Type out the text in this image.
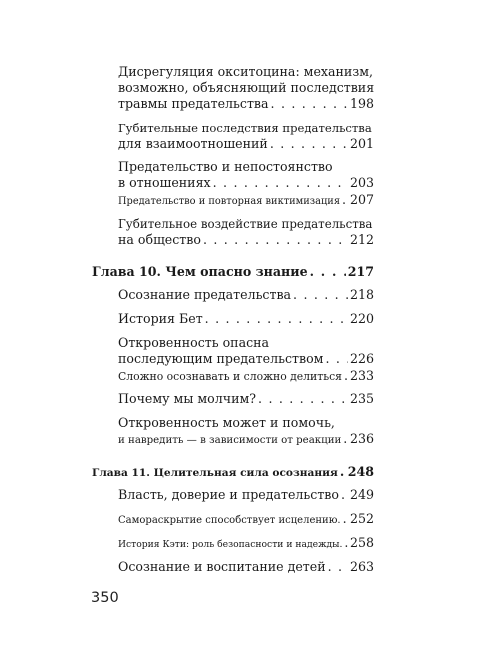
Дисрегуляция окситоцина: механизм,
возможно, объясняющий последствия
травмы предательства . . .	198
Губительные последствия предательства
для взаимоотношений . . .	201
Предательство и непостоянство
в отношениях . . .	203
Предательство и повторная виктимизация . . . 207
Губительное воздействие предательства
на общество . . .	212
Глава 10. Чем опасно знание . . .	217
Осознание предательства . . .	218
История Бет . . .	220
Откровенность опасна
последующим предательством . . . 226
Сложно осознавать и сложно делиться . . . 233
Почему мы молчим? . . .	235
Откровенность может и помочь,
и навредить — в зависимости от реакции . . . 236
Глава 11. Целительная сила осознания . . . 248
Власть, доверие и предательство . . . 249
Самораскрытие способствует исцелению. . . . 252
История Кэти: роль безопасности и надежды. . . . 258
Осознание и воспитание детей . . . 263
350
